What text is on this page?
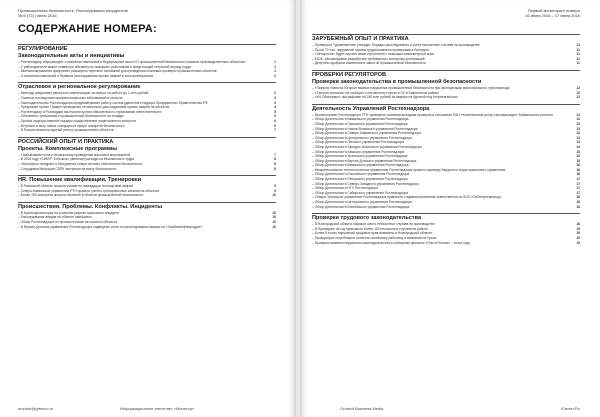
Промышленная безопасность. Расследования инцидентов
№ 6 (72) | июнь 2016
СОДЕРЖАНИЕ НОМЕРА:
РЕГУЛИРОВАНИЕ
Законодательные акты и инициативы
– Ростехнадзор информирует о внесении изменений в Федеральный закон «О промышленной безопасности опасных производственных объектов»	1
– У работодателей может появиться обязанность повышать работникам в предстоящий отпускной период труда	1
– Минэкономразвития предлагает расширить перечень оснований для проведения плановых проверок промышленных объектов	1
– О внесении изменений в Правила расследования причин аварий в электроэнергетике	2
Отраслевое и региональное регулирование
– Минтруд предлагает увеличить компенсацию за смерть на работе до 2 млн рублей	2
– Тяжелые последствия профессиональных заболеваний в отрасли	3
– Законодательство Ростехнадзора предусматривает работу систем удаленного надзора Предприятиях Правительства РФ	3
– Предложен проект Правил проведения технического расследования причин аварий на объектах	4
– Ростехнадзор и Росгвардия выступили против обязательного страхования ответственности	5
– Обновлены требования к промышленной безопасности на складах	5
– Органы надзора изменят порядок осуществления лицензионного контроля	6
– Вступили в силу новые стандарты в сфере пожарной безопасности	6
– В России появится единый реестр промышленных объектов	7
РОССИЙСКИЙ ОПЫТ И ПРАКТИКА
Проекты. Комплексные программы
– Тамбовчанам готов к безопасному проведению массовых мероприятий	7
– В 2015 году «СИБУР Тобольск» увеличил расходы на безопасность труда	8
– «Кальчеры» внедряет в Мичуринске новую систему обеспечения безопасности	8
– Сотрудники Миграции СЛПК заступили на вахту безопасности	8
HR. Повышение квалификации. Тренировки
– В Рязанской области прошли учения по ликвидации последствий аварий	9
– Северо-Кавказское управление РТН провело учебно-тренировочные занятия на объектах	9
– Более 150 экспертов прошли обучение в области промышленной безопасности	10
Происшествия. Проблемы. Конфликты. Инциденты
– В Красноярском крае на угольном разрезе произошел инцидент	10
– Расследование аварии на объекте завершено	10
– Обзор Ростехнадзора по происшествиям на опасных объектах	10
– В Верхне-Донском управлении Ростехнадзора подведены итоги по расследованию аварии на «Тамбовнефтепродукт»	10
monitor@grtexcn.ru	Информационное агентство «Монитор»
Первый мониторинг номера
16 июня 2016 – 17 июня 2016
ЗАРУБЕЖНЫЙ ОПЫТ И ПРАКТИКА
– Проверки в Туркменистане утвердит Порядок расследования и учёта несчастных случаев на производстве	11
– Почти 70 тыс. нарушений охраны труда выявлено проверками в Беларуси	11
– «Четыреста» будет изучать связи строителей с помощью компьютерной игры	11
– ЕАЭС рекомендовал разработать требования к экспертам организаций	11
– Депутаты одобрили изменения в закон об промышленной безопасности	11
ПРОВЕРКИ РЕГУЛЯТОРОВ
Проверки законодательства в промышленной безопасности
– «Газпром трансгаз Югорск» выявил нарушения промышленной безопасности при эксплуатации магистрального трубопровода	12
– «Тангран трансгаз» не сообщил о несчастном случае в ЧС в Бавленском районе	12
– «ИЧ Ойлсервис» оштрафован на 240 млн рублей за аварию на буровой под Нефтеюганском	12
Деятельность Управлений Ростехнадзора
– Инспекторами Ростехнадзора РТН проведена плановая выездная проверка в отношении ПАО «Комплексный центр сертификации» Байкальского региона	12
– Обзор Деятельности Кавказского управления Ростехнадзора	13
– Обзор Деятельности Приокского управления Ростехнадзора	13
– Обзор Деятельности Нижне-Волжского управления Ростехнадзора	13
– Обзор Деятельности Северо-Кавказского управления Ростехнадзора	13
– Обзор Деятельности Центрального управления Ростехнадзора	14
– Обзор Деятельности Ленского управления Ростехнадзора	14
– Обзор Деятельности Западно-Уральского управления Ростехнадзора	14
– Обзор Деятельности Камского управления Ростехнадзора	15
– Обзор Деятельности Уральского управления Ростехнадзора	15
– Обзор Деятельности Верхне-Донского управления Ростехнадзора	15
– Обзор Деятельности Кавказского управления Ростехнадзора	16
– Межрегиональное технологическое управление Ростехнадзора провело проверку Амурского территориального управления	16
– Обзор Деятельности Енисейского управления Ростехнадзора	16
– Обзор Деятельности Печорского управления Ростехнадзора	17
– Обзор Деятельности Северо-Западного управления Ростехнадзора	17
– Обзор Деятельности НТУ Ростехнадзора	17
– Обзор Деятельности Сибирского управления Ростехнадзора	17
– Северо-Уральское управление Ростехнадзора привлекло к административной ответственности ООО «Сибнефтепровод»	18
– Обзор Деятельности Центрального управления Ростехнадзора	18
– Обзор Деятельности Енисейского управления Ростехнадзора	18
Проверки трудового законодательства
– В Новгородской области закрыли шесть несчастных случаев на производстве	18
– В Приамурье за год произошло более 100 несчастных случаев на работе	19
– Более 5 тысяч нарушений трудовых прав выявлено в Новгородской области	19
– Прокуратура потребовала оплатить погибшему рабочему в компании на Урале	19
– Проверки выявили нарушения законодательства в сибирском филиале «Почта России» – итоги года	19
Grotexit Business Media	iCenter.Ru
